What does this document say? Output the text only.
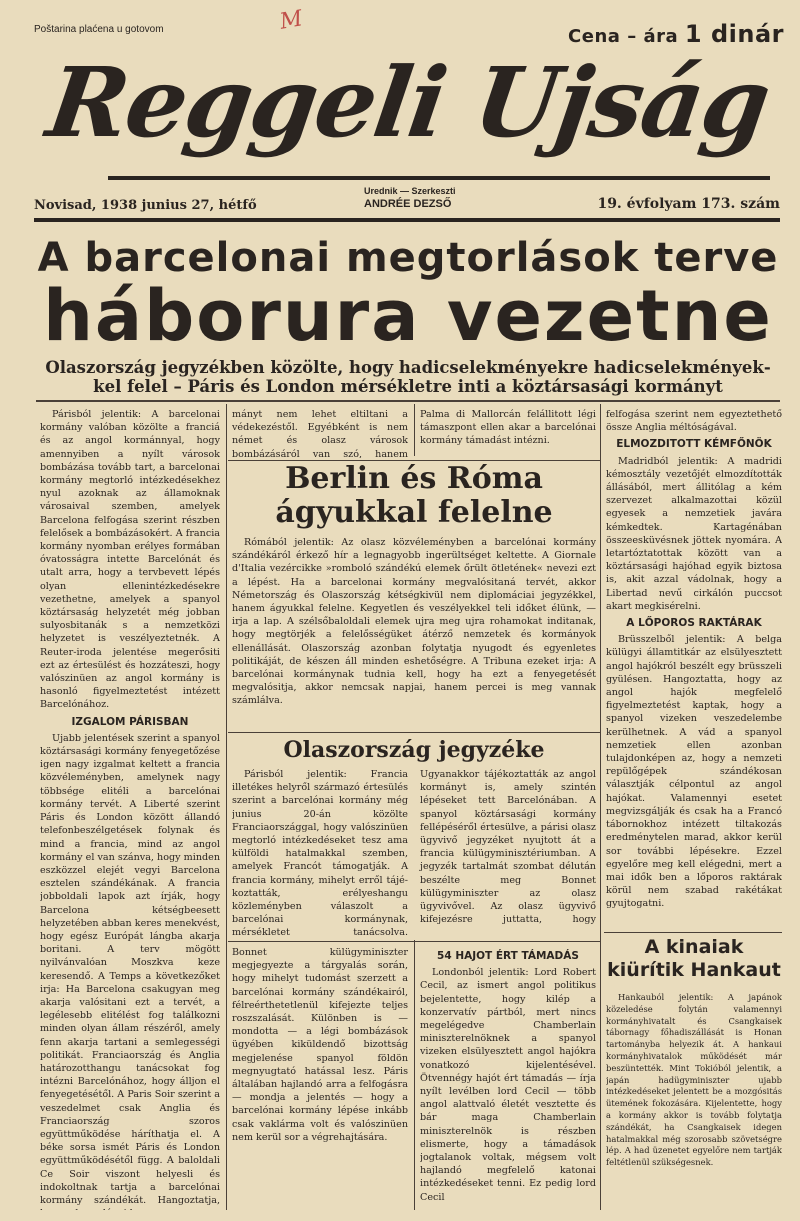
Poštarina plaćena u gotovom	Cena – ára 1 dinár
M
Reggeli Ujság
Novisad, 1938 junius 27, hétfő
Urednik — Szerkeszti
ANDRÉE DEZSŐ	19. évfolyam 173. szám
A barcelonai megtorlások terve
háborura vezetne
Olaszország jegyzékben közölte, hogy hadicselekményekre hadicselekményekkel felel – Páris és London mérsékletre inti a köztársasági kormányt

Párisból jelentik: A barcelonai kormány valóban közölte a franciá és az angol kormánnyal, hogy amennyiben a nyílt városok bombázása tovább tart, a barcelonai kormány megtorló intézkedésekhez nyul azoknak az államoknak városaival szemben, amelyek Barcelona felfogása szerint részben felelősek a bombázásokért. A francia kormány nyomban erélyes formában óvatosságra intette Barcelónát és utalt arra, hogy a tervbevett lépés olyan ellenintézkedésekre vezethetne, amelyek a spanyol köztársaság helyzetét még jobban sulyosbitanák s a nemzetközi helyzetet is veszélyeztetnék. A Reuter-iroda jelentése megerősiti ezt az értesülést és hozzáteszi, hogy valószinüen az angol kormány is hasonló figyelmeztetést intézett Barcelónához.

IZGALOM PÁRISBAN

Ujabb jelentések szerint a spanyol köztársasági kormány fenyegetőzése igen nagy izgalmat keltett a francia közvéleményben, amelynek nagy többsége elitéli a barcelónai kormány tervét. A Liberté szerint Páris és London között állandó telefonbeszélgetések folynak és mind a francia, mind az angol kormány el van szánva, hogy minden eszközzel elejét vegyi Barcelona esztelen szándékának. A francia jobboldali lapok azt írják, hogy Barcelona kétségbeesett helyzetében abban keres menekvést, hogy egész Európát lángba akarja boritani. A terv mögött nyilvánvalóan Moszkva keze keresendő. A Temps a következőket irja: Ha Barcelona csakugyan meg akarja valósitani ezt a tervét, a legélesebb elitélést fog találkozni minden olyan állam részéről, amely fenn akarja tartani a semlegességi politikát. Franciaország és Anglia határozotthangu tanácsokat fog intézni Barcelónához, hogy álljon el fenyegetésétől. A Paris Soir szerint a veszedelmet csak Anglia és Franciaország szoros együttműködése háríthatja el. A béke sorsa ismét Páris és London együttműködésétől függ. A baloldali Ce Soir viszont helyesli és indokoltnak tartja a barcelónai kormány szándékát. Hangoztatja,

mányt nem lehet eltiltani a védekezéstől. Egyébként is nem német és olasz városok bombázásáról van szó, hanem

Palma di Mallorcán felállitott légi támaszpont ellen akar a barcelónai kormány támadást intézni.

Berlin és Róma ágyukkal felelne

Rómából jelentik: Az olasz közvéleményben a barcelónai kormány szándékáról érkező hír a legnagyobb ingerültséget keltette. A Giornale d'Italia vezércikke »romboló szándékú elemek őrült ötletének« nevezi ezt a lépést. Ha a barcelonai kormány megvalósitaná tervét, akkor Németország és Olaszország kétségkivül nem diplomáciai jegyzékkel, hanem ágyukkal felelne. Kegyetlen és veszélyekkel teli időket élünk, — irja a lap. A szélsőbaloldali elemek ujra meg ujra rohamokat inditanak, hogy megtörjék a felelősségüket átérző nemzetek és kormányok ellenállását. Olaszország azonban folytatja nyugodt és egyenletes politikáját, de készen áll minden eshetőségre. A Tribuna ezeket irja: A barcelónai kormánynak tudnia kell, hogy ha ezt a fenyegetését megvalósitja, akkor nemcsak napjai, hanem percei is meg vannak számlálva.

Olaszország jegyzéke

Párisból jelentik: Francia illetékes helyről származó értesülés szerint a barcelónai kormány még junius 20-án közölte Franciaországgal, hogy valószinüen megtorló intézkedéseket tesz ama külföldi hatalmakkal szemben, amelyek Francót támogatják. A francia kormány, mihelyt erről tájé-koztatták, erélyeshangu közleményben válaszolt a barcelónai kormánynak, mérsékletet tanácsolva. Ugyanakkor tájékoztatták az angol kormányt is, amely szintén lépéseket tett Barcelónában. A spanyol köztársasági kormány fellépéséről értesülve, a párisi olasz ügyvivő jegyzéket nyujtott át a francia külügyminisztériumban. A jegyzék tartalmát szombat délután beszélte meg Bonnet külügyminiszter az olasz ügyvivővel. Az olasz ügyvivő kifejezésre juttatta, hogy

Bonnet külügyminiszter megjegyezte a tárgyalás során, hogy mihelyt tudomást szerzett a barcelónai kormány szándékairól, félreérthetetlenül kifejezte teljes roszszalását. Különben is — mondotta — a légi bombázások ügyében kiküldendő bizottság megjelenése spanyol földön megnyugtató hatással lesz. Páris általában hajlandó arra a felfogásra — mondja a jelentés — hogy a barcelónai kormány lépése inkább csak vaklárma volt és valószinüen nem kerül sor a végrehajtására.

54 HAJOT ÉRT TÁMADÁS

Londonból jelentik: Lord Robert Cecil, az ismert angol politikus bejelentette, hogy kilép a konzervatív pártból, mert nincs megelégedve Chamberlain miniszterelnöknek a spanyol vizeken elsülyesztett angol hajókra vonatkozó kijelentésével. Ötvennégy hajót ért támadás — írja nyílt levélben lord Cecil — több angol alattvaló életét vesztette és bár maga Chamberlain miniszterelnök is részben elismerte, hogy a támadások jogtalanok voltak, mégsem volt hajlandó megfelelő katonai intézkedéseket tenni. Ez pedig lord Cecil

felfogása szerint nem egyeztethető össze Anglia méltóságával.

ELMOZDITOTT KÉMFŐNÖK

Madridból jelentik: A madridi kémosztály vezetőjét elmozdították állásából, mert állitólag a kém szervezet alkalmazottai közül egyesek a nemzetiek javára kémkedtek. Kartagénában összeesküvésnek jöttek nyomára. A letartóztatottak között van a köztársasági hajóhad egyik biztosa is, akit azzal vádolnak, hogy a Libertad nevű cirkálón puccsot akart megkisérelni.

A LŐPOROS RAKTÁRAK

Brüsszelből jelentik: A belga külügyi államtitkár az elsülyesztett angol hajókról beszélt egy brüsszeli gyülésen. Hangoztatta, hogy az angol hajók megfelelő figyelmeztetést kaptak, hogy a spanyol vizeken veszedelembe kerülhetnek. A vád a spanyol nemzetiek ellen azonban tulajdonképen az, hogy a nemzeti repülőgépek szándékosan választják célpontul az angol hajókat. Valamennyi esetet megvizsgálják és csak ha a Francó tábornokhoz intézett tiltakozás eredménytelen marad, akkor kerül sor további lépésekre. Ezzel egyelőre meg kell elégedni, mert a mai idők ben a lőporos raktárak körül nem szabad rakétákat gyujtogatni.

A kinaiak kiürítik Hankaut

Hankauból jelentik: A japánok közeledése folytán valamennyi kormányhivatalt és Csangkaisek tábornagy főhadiszállását is Honan tartományba helyezik át. A hankaui kormányhivatalok működését már beszüntették. Mint Tokióból jelentik, a japán hadügyminiszter ujabb intézkedéseket jelentett be a mozgósitás ütemének fokozására. Kijelentette, hogy a kormány akkor is tovább folytatja szándékát, ha Csangkaisek idegen hatalmakkal még szorosabb szövetségre lép. A had üzenetet egyelőre nem tartják feltétlenül szükségesnek.
